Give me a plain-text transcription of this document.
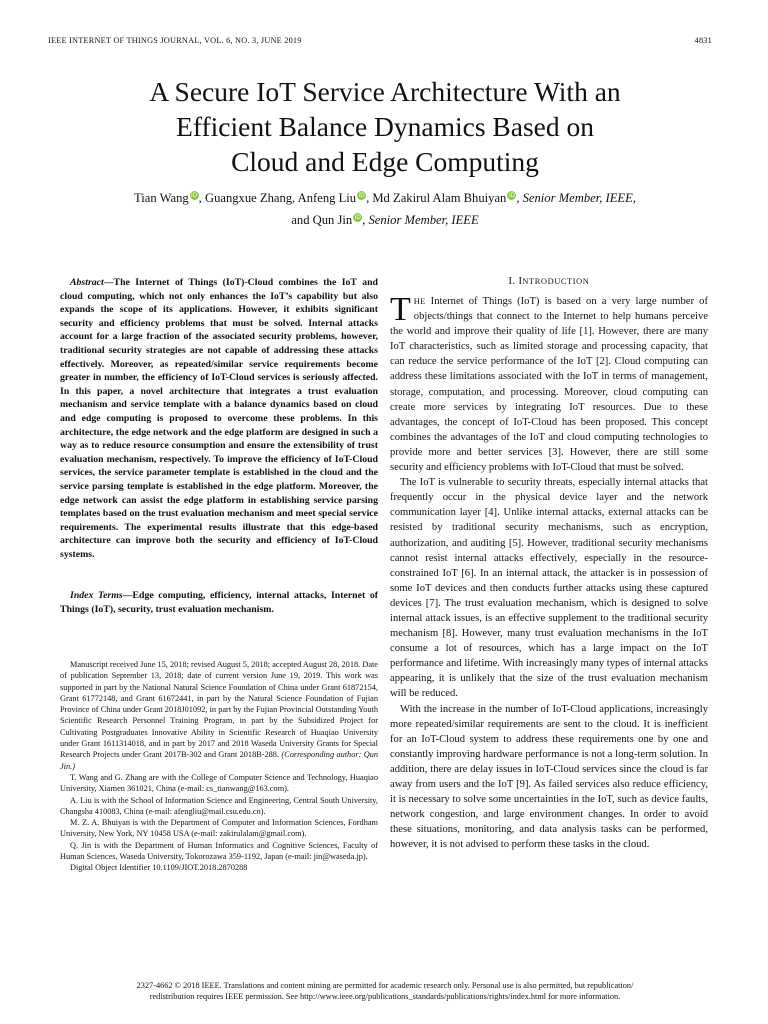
IEEE INTERNET OF THINGS JOURNAL, VOL. 6, NO. 3, JUNE 2019	4831
A Secure IoT Service Architecture With an
Efficient Balance Dynamics Based on
Cloud and Edge Computing
Tian Wang iD, Guangxue Zhang, Anfeng Liu iD, Md Zakirul Alam Bhuiyan iD, Senior Member, IEEE,
and Qun Jin iD, Senior Member, IEEE
Abstract—The Internet of Things (IoT)-Cloud combines the IoT and cloud computing, which not only enhances the IoT’s capability but also expands the scope of its applications. However, it exhibits significant security and efficiency problems that must be solved. Internal attacks account for a large fraction of the associated security problems, however, traditional security strategies are not capable of addressing these attacks effectively. Moreover, as repeated/similar service requirements become greater in number, the efficiency of IoT-Cloud services is seriously affected. In this paper, a novel architecture that integrates a trust evaluation mechanism and service template with a balance dynamics based on cloud and edge computing is proposed to overcome these problems. In this architecture, the edge network and the edge platform are designed in such a way as to reduce resource consumption and ensure the extensibility of trust evaluation mechanism, respectively. To improve the efficiency of IoT-Cloud services, the service parameter template is established in the cloud and the service parsing template is established in the edge platform. Moreover, the edge network can assist the edge platform in establishing service parsing templates based on the trust evaluation mechanism and meet special service requirements. The experimental results illustrate that this edge-based architecture can improve both the security and efficiency of IoT-Cloud systems.
Index Terms—Edge computing, efficiency, internal attacks, Internet of Things (IoT), security, trust evaluation mechanism.

Manuscript received June 15, 2018; revised August 5, 2018; accepted August 28, 2018. Date of publication September 13, 2018; date of current version June 19, 2019. This work was supported in part by the National Natural Science Foundation of China under Grant 61872154, Grant 61772148, and Grant 61672441, in part by the Natural Science Foundation of Fujian Province of China under Grant 2018J01092, in part by the Fujian Provincial Outstanding Youth Scientific Research Personnel Training Program, in part by the Subsidized Project for Cultivating Postgraduates Innovative Ability in Scientific Research of Huaqiao University under Grant 1611314018, and in part by 2017 and 2018 Waseda University Grants for Special Research Projects under Grant 2017B-302 and Grant 2018B-288. (Corresponding author: Qun Jin.)

T. Wang and G. Zhang are with the College of Computer Science and Technology, Huaqiao University, Xiamen 361021, China (e-mail: cs_tianwang@163.com).

A. Liu is with the School of Information Science and Engineering, Central South University, Changsha 410083, China (e-mail: afengliu@mail.csu.edu.cn).

M. Z. A. Bhuiyan is with the Department of Computer and Information Sciences, Fordham University, New York, NY 10458 USA (e-mail: zakirulalam@gmail.com).

Q. Jin is with the Department of Human Informatics and Cognitive Sciences, Faculty of Human Sciences, Waseda University, Tokorozawa 359-1192, Japan (e-mail: jin@waseda.jp).

Digital Object Identifier 10.1109/JIOT.2018.2870288

I. INTRODUCTION

THE Internet of Things (IoT) is based on a very large number of objects/things that connect to the Internet to help humans perceive the world and improve their quality of life [1]. However, there are many IoT characteristics, such as limited storage and processing capacity, that can reduce the service performance of the IoT [2]. Cloud computing can address these limitations associated with the IoT in terms of management, storage, computation, and processing. Moreover, cloud computing can create more services by integrating IoT resources. Due to these advantages, the concept of IoT-Cloud has been proposed. This concept combines the advantages of the IoT and cloud computing technologies to provide more and better services [3]. However, there are still some security and efficiency problems with IoT-Cloud that must be solved.

The IoT is vulnerable to security threats, especially internal attacks that frequently occur in the physical device layer and the network communication layer [4]. Unlike internal attacks, external attacks can be resisted by traditional security mechanisms, such as encryption, authorization, and auditing [5]. However, traditional security mechanisms cannot resist internal attacks effectively, especially in the resource-constrained IoT [6]. In an internal attack, the attacker is in possession of some IoT devices and then conducts further attacks using these captured devices [7]. The trust evaluation mechanism, which is designed to solve internal attack issues, is an effective supplement to the traditional security mechanism [8]. However, many trust evaluation mechanisms in the IoT consume a lot of resources, which has a large impact on the IoT performance and lifetime. With increasingly many types of internal attacks appearing, it is unlikely that the size of the trust evaluation mechanism will be reduced.

With the increase in the number of IoT-Cloud applications, increasingly more repeated/similar requirements are sent to the cloud. It is inefficient for an IoT-Cloud system to address these requirements one by one and constantly improving hardware performance is not a long-term solution. In addition, there are delay issues in IoT-Cloud services since the cloud is far away from users and the IoT [9]. As failed services also reduce efficiency, it is necessary to solve some uncertainties in the IoT, such as device faults, network congestion, and large environment changes. In order to avoid these situations, monitoring, and data analysis tasks can be performed, however, it is not advised to perform these tasks in the cloud.

2327-4662 © 2018 IEEE. Translations and content mining are permitted for academic research only. Personal use is also permitted, but republication/
redistribution requires IEEE permission. See http://www.ieee.org/publications_standards/publications/rights/index.html for more information.
